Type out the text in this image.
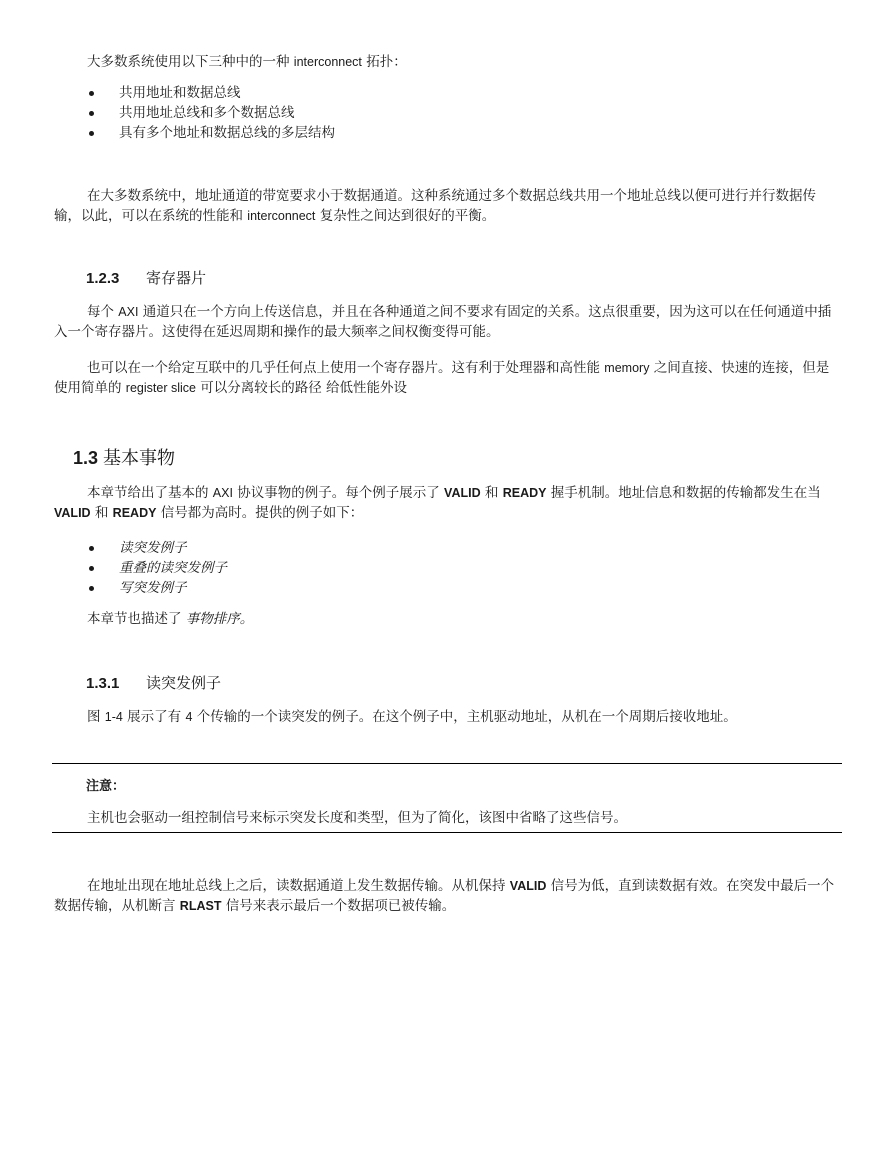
大多数系统使用以下三种中的一种 interconnect 拓扑：

共用地址和数据总线
共用地址总线和多个数据总线
具有多个地址和数据总线的多层结构

在大多数系统中，地址通道的带宽要求小于数据通道。这种系统通过多个数据总线共用一个地址总线以便可进行并行数据传输，以此，可以在系统的性能和 interconnect 复杂性之间达到很好的平衡。

1.2.3 寄存器片

每个 AXI 通道只在一个方向上传送信息，并且在各种通道之间不要求有固定的关系。这点很重要，因为这可以在任何通道中插入一个寄存器片。这使得在延迟周期和操作的最大频率之间权衡变得可能。

也可以在一个给定互联中的几乎任何点上使用一个寄存器片。这有利于处理器和高性能 memory 之间直接、快速的连接，但是使用简单的 register slice 可以分离较长的路径 给低性能外设

1.3 基本事物

本章节给出了基本的 AXI 协议事物的例子。每个例子展示了 VALID 和 READY 握手机制。地址信息和数据的传输都发生在当 VALID 和 READY 信号都为高时。提供的例子如下：

读突发例子
重叠的读突发例子
写突发例子

本章节也描述了 事物排序。

1.3.1 读突发例子

图 1-4 展示了有 4 个传输的一个读突发的例子。在这个例子中，主机驱动地址，从机在一个周期后接收地址。

注意：

主机也会驱动一组控制信号来标示突发长度和类型，但为了简化，该图中省略了这些信号。

在地址出现在地址总线上之后，读数据通道上发生数据传输。从机保持 VALID 信号为低，直到读数据有效。在突发中最后一个数据传输，从机断言 RLAST 信号来表示最后一个数据项已被传输。
